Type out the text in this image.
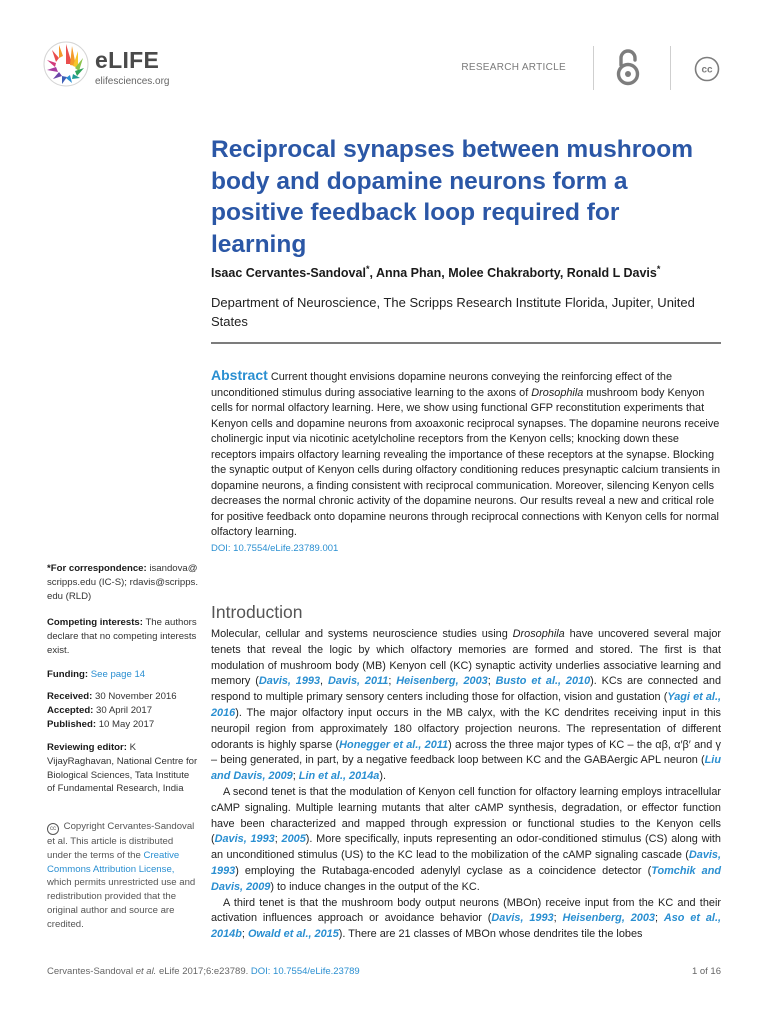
eLIFE
elifesciences.org
RESEARCH ARTICLE	cc
Reciprocal synapses between mushroom body and dopamine neurons form a positive feedback loop required for learning
Isaac Cervantes-Sandoval*, Anna Phan, Molee Chakraborty, Ronald L Davis*
Department of Neuroscience, The Scripps Research Institute Florida, Jupiter, United States
Abstract Current thought envisions dopamine neurons conveying the reinforcing effect of the unconditioned stimulus during associative learning to the axons of Drosophila mushroom body Kenyon cells for normal olfactory learning. Here, we show using functional GFP reconstitution experiments that Kenyon cells and dopamine neurons from axoaxonic reciprocal synapses. The dopamine neurons receive cholinergic input via nicotinic acetylcholine receptors from the Kenyon cells; knocking down these receptors impairs olfactory learning revealing the importance of these receptors at the synapse. Blocking the synaptic output of Kenyon cells during olfactory conditioning reduces presynaptic calcium transients in dopamine neurons, a finding consistent with reciprocal communication. Moreover, silencing Kenyon cells decreases the normal chronic activity of the dopamine neurons. Our results reveal a new and critical role for positive feedback onto dopamine neurons through reciprocal connections with Kenyon cells for normal olfactory learning.
DOI: 10.7554/eLife.23789.001
*For correspondence: isandova@ scripps.edu (IC-S); rdavis@scripps. edu (RLD)
Competing interests: The authors declare that no competing interests exist.
Funding: See page 14
Received: 30 November 2016
Accepted: 30 April 2017
Published: 10 May 2017
Reviewing editor: K VijayRaghavan, National Centre for Biological Sciences, Tata Institute of Fundamental Research, India
cc Copyright Cervantes-Sandoval et al. This article is distributed under the terms of the Creative Commons Attribution License, which permits unrestricted use and redistribution provided that the original author and source are credited.
Introduction

Molecular, cellular and systems neuroscience studies using Drosophila have uncovered several major tenets that reveal the logic by which olfactory memories are formed and stored. The first is that modulation of mushroom body (MB) Kenyon cell (KC) synaptic activity underlies associative learning and memory (Davis, 1993, Davis, 2011; Heisenberg, 2003; Busto et al., 2010). KCs are connected and respond to multiple primary sensory centers including those for olfaction, vision and gustation (Yagi et al., 2016). The major olfactory input occurs in the MB calyx, with the KC dendrites receiving input in this neuropil region from approximately 180 olfactory projection neurons. The representation of different odorants is highly sparse (Honegger et al., 2011) across the three major types of KC – the αβ, α′β′ and γ – being generated, in part, by a negative feedback loop between KC and the GABAergic APL neuron (Liu and Davis, 2009; Lin et al., 2014a).

A second tenet is that the modulation of Kenyon cell function for olfactory learning employs intracellular cAMP signaling. Multiple learning mutants that alter cAMP synthesis, degradation, or effector function have been characterized and mapped through expression or functional studies to the Kenyon cells (Davis, 1993; 2005). More specifically, inputs representing an odor-conditioned stimulus (CS) along with an unconditioned stimulus (US) to the KC lead to the mobilization of the cAMP signaling cascade (Davis, 1993) employing the Rutabaga-encoded adenylyl cyclase as a coincidence detector (Tomchik and Davis, 2009) to induce changes in the output of the KC.

A third tenet is that the mushroom body output neurons (MBOn) receive input from the KC and their activation influences approach or avoidance behavior (Davis, 1993; Heisenberg, 2003; Aso et al., 2014b; Owald et al., 2015). There are 21 classes of MBOn whose dendrites tile the lobes

Cervantes-Sandoval et al. eLife 2017;6:e23789. DOI: 10.7554/eLife.23789	1 of 16
